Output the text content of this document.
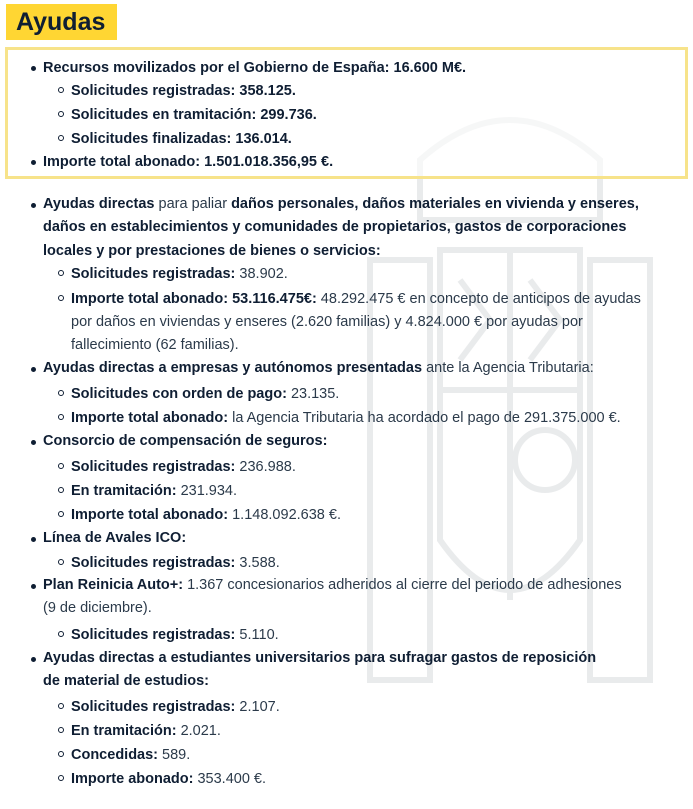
Ayudas
Recursos movilizados por el Gobierno de España: 16.600 M€.
Solicitudes registradas: 358.125.
Solicitudes en tramitación: 299.736.
Solicitudes finalizadas: 136.014.
Importe total abonado: 1.501.018.356,95 €.
Ayudas directas para paliar daños personales, daños materiales en vivienda y enseres,
daños en establecimientos y comunidades de propietarios, gastos de corporaciones
locales y por prestaciones de bienes o servicios:
Solicitudes registradas: 38.902.
Importe total abonado: 53.116.475€: 48.292.475 € en concepto de anticipos de ayudas
por daños en viviendas y enseres (2.620 familias) y 4.824.000 € por ayudas por
fallecimiento (62 familias).
Ayudas directas a empresas y autónomos presentadas ante la Agencia Tributaria:
Solicitudes con orden de pago: 23.135.
Importe total abonado: la Agencia Tributaria ha acordado el pago de 291.375.000 €.
Consorcio de compensación de seguros:
Solicitudes registradas: 236.988.
En tramitación: 231.934.
Importe total abonado: 1.148.092.638 €.
Línea de Avales ICO:
Solicitudes registradas: 3.588.
Plan Reinicia Auto+: 1.367 concesionarios adheridos al cierre del periodo de adhesiones
(9 de diciembre).
Solicitudes registradas: 5.110.
Ayudas directas a estudiantes universitarios para sufragar gastos de reposición
de material de estudios:
Solicitudes registradas: 2.107.
En tramitación: 2.021.
Concedidas: 589.
Importe abonado: 353.400 €.
